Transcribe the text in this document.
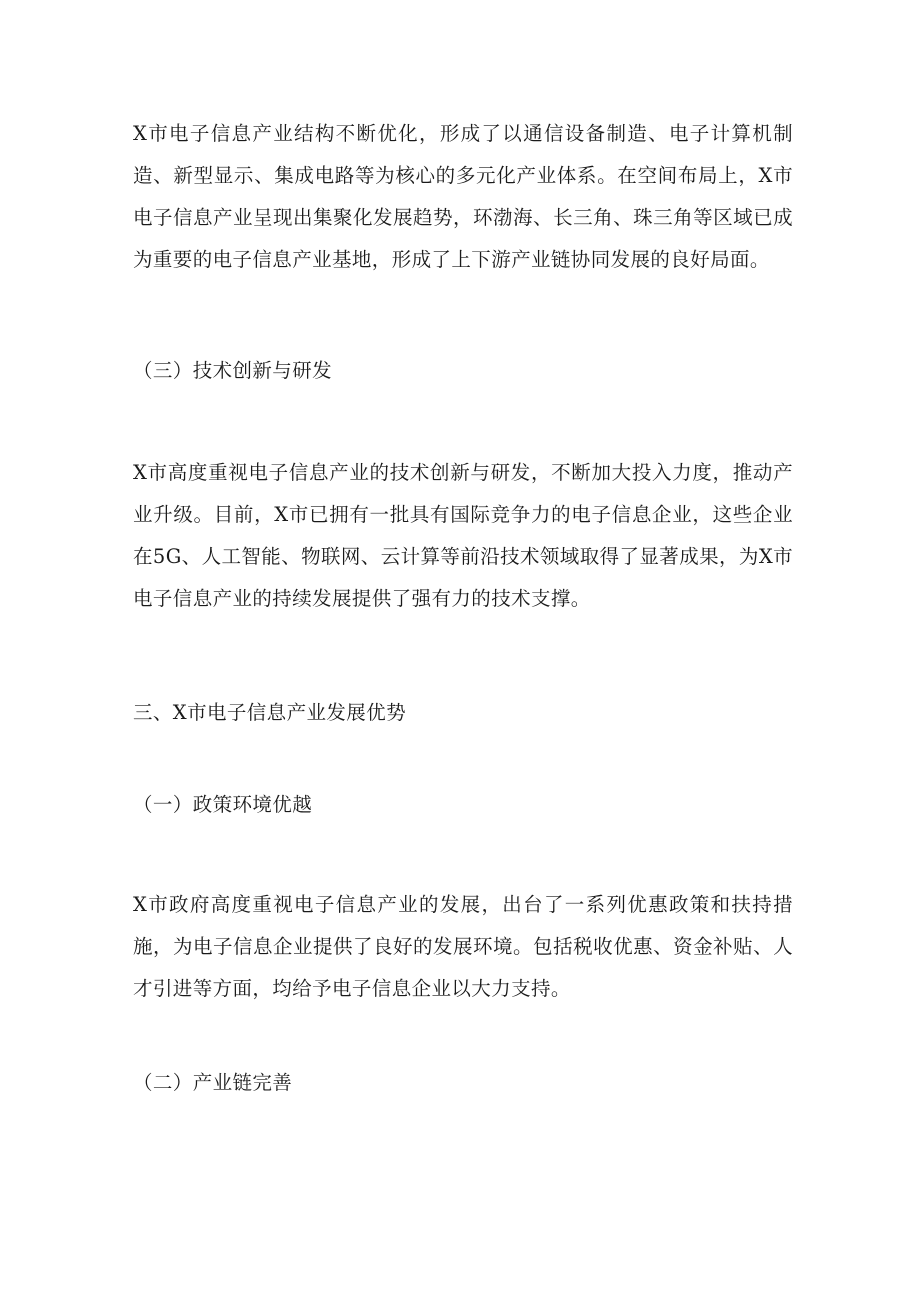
X市电子信息产业结构不断优化，形成了以通信设备制造、电子计算机制造、新型显示、集成电路等为核心的多元化产业体系。在空间布局上，X市电子信息产业呈现出集聚化发展趋势，环渤海、长三角、珠三角等区域已成为重要的电子信息产业基地，形成了上下游产业链协同发展的良好局面。

（三）技术创新与研发

X市高度重视电子信息产业的技术创新与研发，不断加大投入力度，推动产业升级。目前，X市已拥有一批具有国际竞争力的电子信息企业，这些企业在5G、人工智能、物联网、云计算等前沿技术领域取得了显著成果，为X市电子信息产业的持续发展提供了强有力的技术支撑。

三、X市电子信息产业发展优势
（一）政策环境优越

X市政府高度重视电子信息产业的发展，出台了一系列优惠政策和扶持措施，为电子信息企业提供了良好的发展环境。包括税收优惠、资金补贴、人才引进等方面，均给予电子信息企业以大力支持。

（二）产业链完善
